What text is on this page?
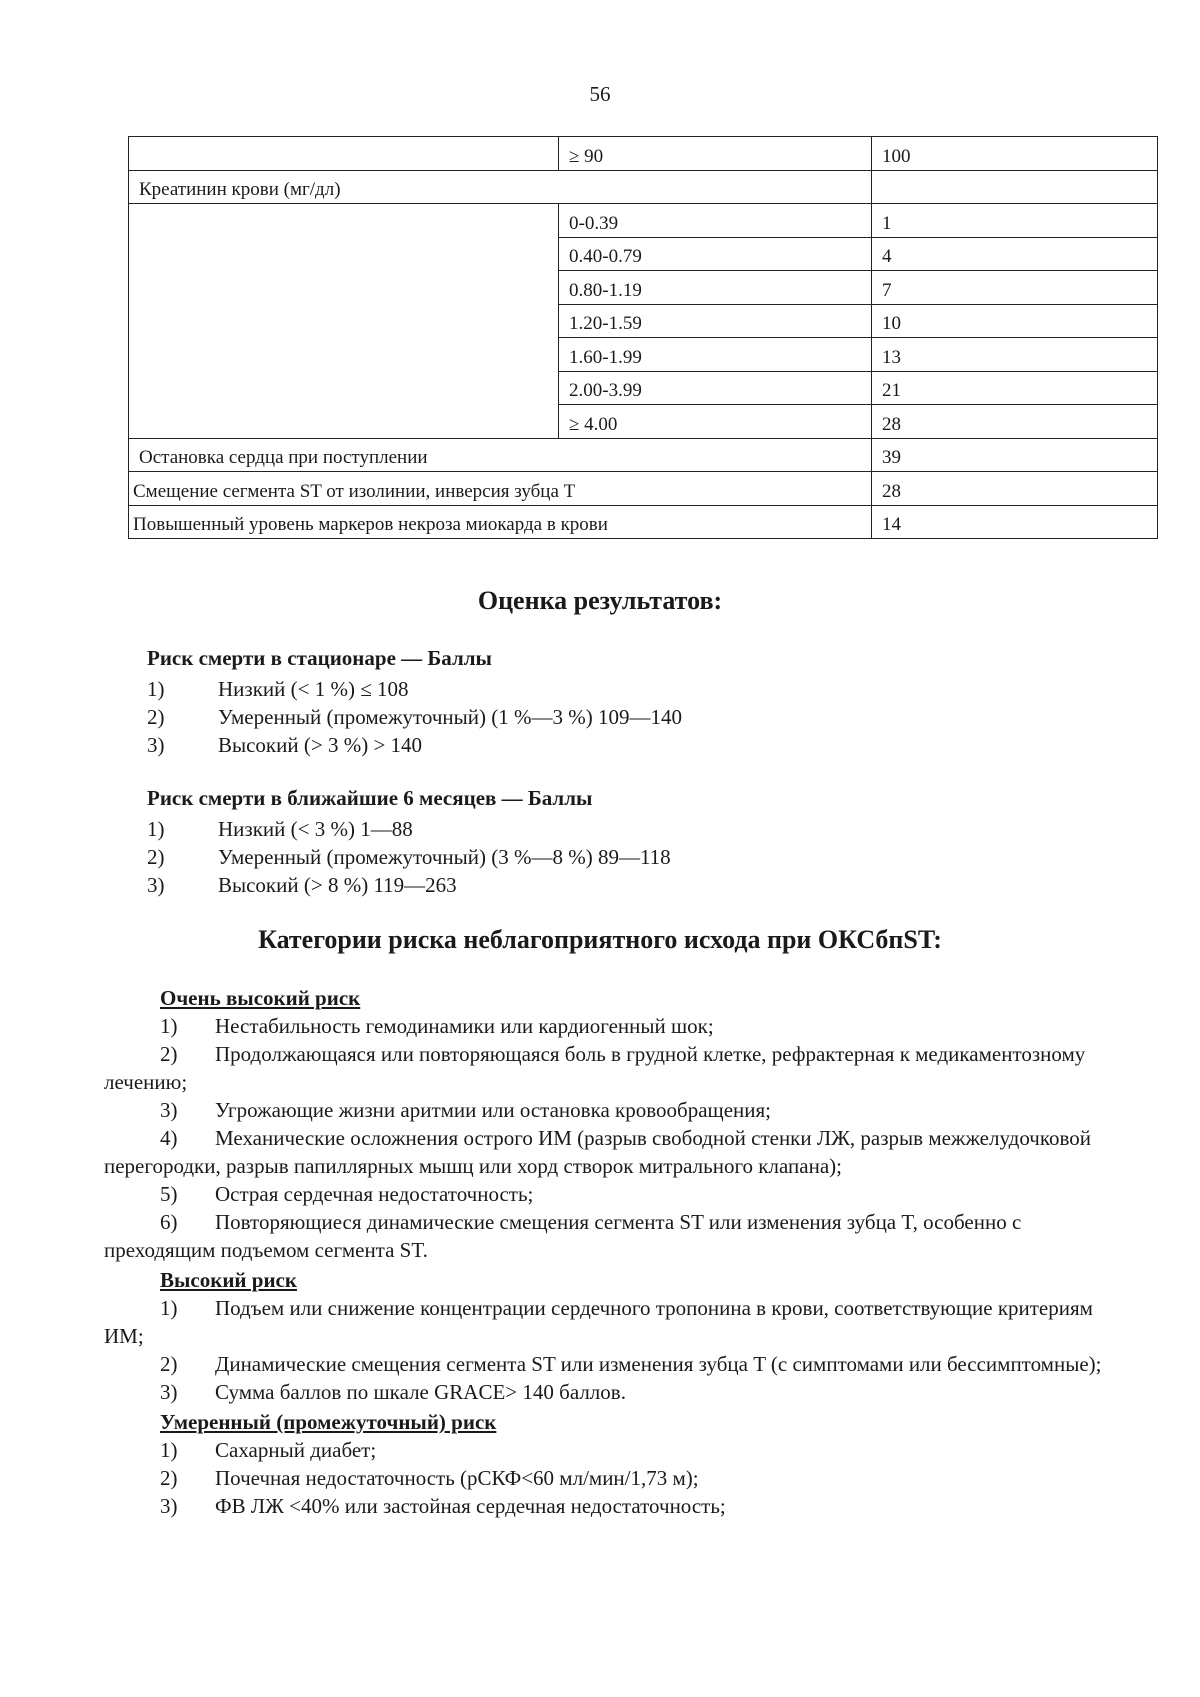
56
	≥ 90	100
Креатинин крови (мг/дл)		
	0-0.39	1
	0.40-0.79	4
	0.80-1.19	7
	1.20-1.59	10
	1.60-1.99	13
	2.00-3.99	21
	≥ 4.00	28
Остановка сердца при поступлении		39
Смещение сегмента ST от изолинии, инверсия зубца T		28
Повышенный уровень маркеров некроза миокарда в крови		14
Оценка результатов:
Риск смерти в стационаре — Баллы
1)	Низкий (< 1 %) ≤ 108
2)	Умеренный (промежуточный) (1 %—3 %) 109—140
3)	Высокий (> 3 %) > 140
Риск смерти в ближайшие 6 месяцев — Баллы
1)	Низкий (< 3 %) 1—88
2)	Умеренный (промежуточный) (3 %—8 %) 89—118
3)	Высокий (> 8 %) 119—263
Категории риска неблагоприятного исхода при ОКСбпST:
Очень высокий риск
1) Нестабильность гемодинамики или кардиогенный шок;
2) Продолжающаяся или повторяющаяся боль в грудной клетке, рефрактерная к медикаментозному лечению;
3) Угрожающие жизни аритмии или остановка кровообращения;
4) Механические осложнения острого ИМ (разрыв свободной стенки ЛЖ, разрыв межжелудочковой перегородки, разрыв папиллярных мышц или хорд створок митрального клапана);
5) Острая сердечная недостаточность;
6) Повторяющиеся динамические смещения сегмента ST или изменения зубца T, особенно с преходящим подъемом сегмента ST.
Высокий риск
1) Подъем или снижение концентрации сердечного тропонина в крови, соответствующие критериям ИМ;
2) Динамические смещения сегмента ST или изменения зубца T (с симптомами или бессимптомные);
3) Сумма баллов по шкале GRACE> 140 баллов.
Умеренный (промежуточный) риск
1) Сахарный диабет;
2) Почечная недостаточность (рСКФ<60 мл/мин/1,73 м);
3) ФВ ЛЖ <40% или застойная сердечная недостаточность;
